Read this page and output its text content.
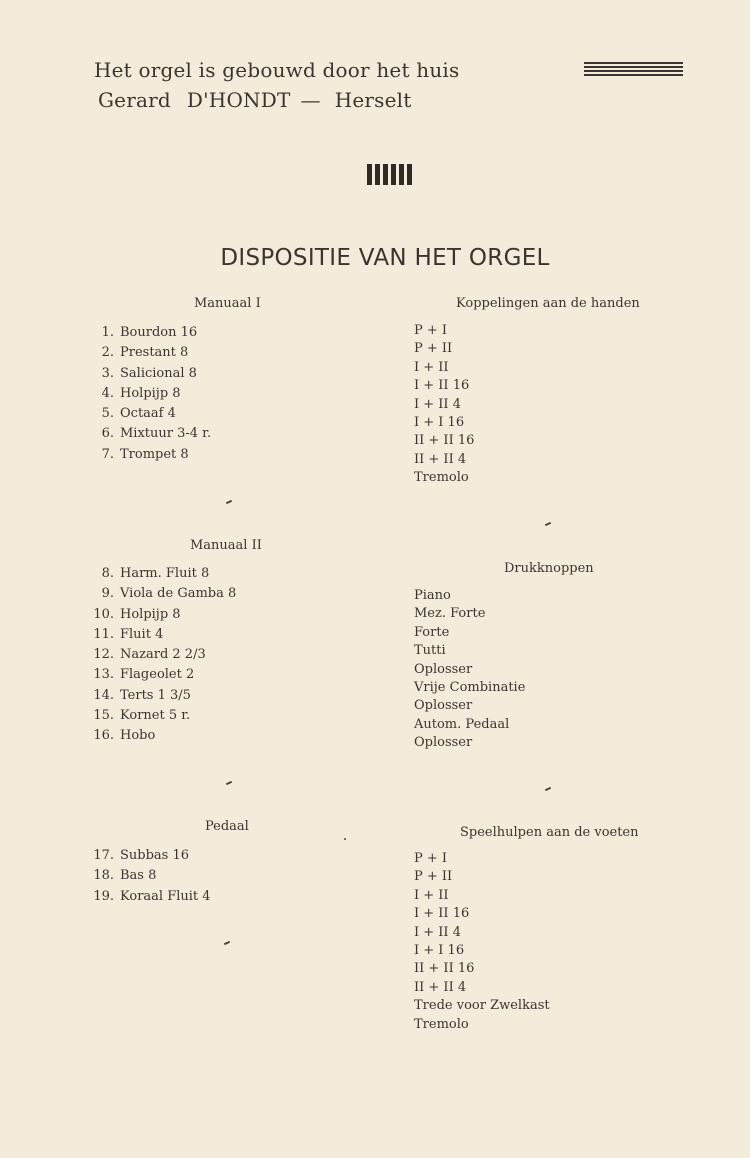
Het orgel is gebouwd door het huis
Gerard D'HONDT — Herselt
DISPOSITIE VAN HET ORGEL
Manuaal I
1. Bourdon 16
2. Prestant 8
3. Salicional 8
4. Holpijp 8
5. Octaaf 4
6. Mixtuur 3-4 r.
7. Trompet 8
Manuaal II
8. Harm. Fluit 8
9. Viola de Gamba 8
10. Holpijp 8
11. Fluit 4
12. Nazard 2 2/3
13. Flageolet 2
14. Terts 1 3/5
15. Kornet 5 r.
16. Hobo
Pedaal
17. Subbas 16
18. Bas 8
19. Koraal Fluit 4
Koppelingen aan de handen
P + I
P + II
I + II
I + II 16
I + II 4
I + I 16
II + II 16
II + II 4
Tremolo
Drukknoppen
Piano
Mez. Forte
Forte
Tutti
Oplosser
Vrije Combinatie
Oplosser
Autom. Pedaal
Oplosser
Speelhulpen aan de voeten
P + I
P + II
I + II
I + II 16
I + II 4
I + I 16
II + II 16
II + II 4
Trede voor Zwelkast
Tremolo
